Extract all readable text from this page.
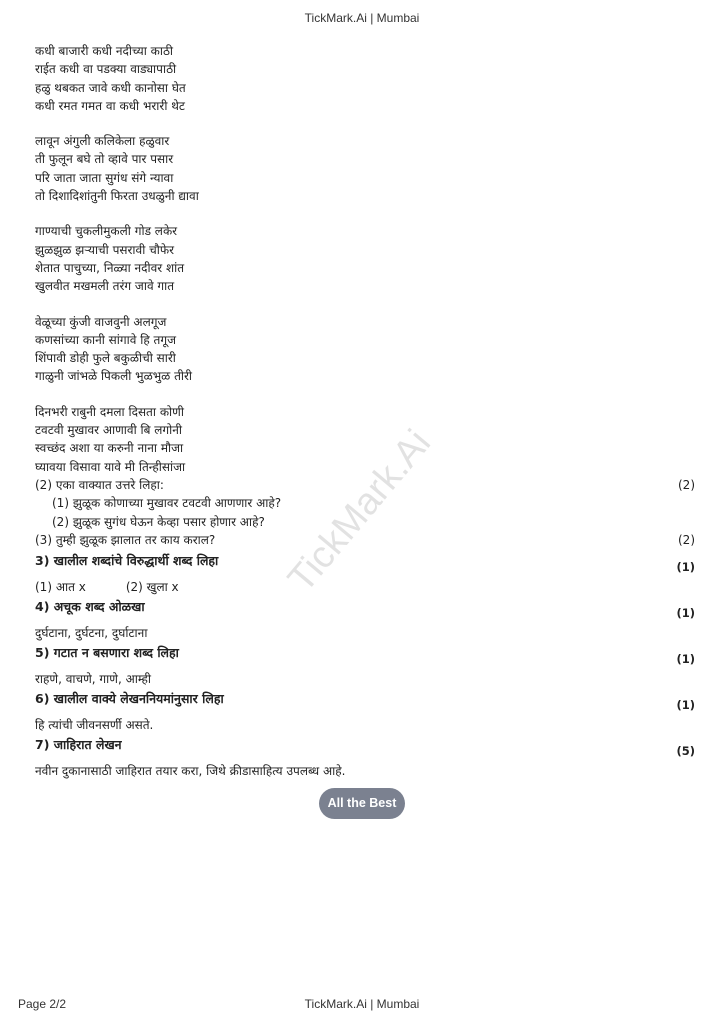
TickMark.Ai | Mumbai
TickMark.Ai
कधी बाजारी कधी नदीच्या काठी
राईत कधी वा पडक्या वाड्यापाठी
हळु थबकत जावे कधी कानोसा घेत
कधी रमत गमत वा कधी भरारी थेट
लावून अंगुली कलिकेला हळुवार
ती फुलून बघे तो व्हावे पार पसार
परि जाता जाता सुगंध संगे न्यावा
तो दिशादिशांतुनी फिरता उधळुनी द्यावा
गाण्याची चुकलीमुकली गोड लकेर
झुळझुळ झऱ्याची पसरावी चौफेर
शेतात पाचुच्या, निळ्या नदीवर शांत
खुलवीत मखमली तरंग जावे गात
वेळूच्या कुंजी वाजवुनी अलगूज
कणसांच्या कानी सांगावे हि तगूज
शिंपावी डोही फुले बकुळीची सारी
गाळुनी जांभळे पिकली भुळभुळ तीरी
दिनभरी राबुनी दमला दिसता कोणी
टवटवी मुखावर आणावी बि लगोनी
स्वच्छंद अशा या करुनी नाना मौजा
घ्यावया विसावा यावे मी तिन्हीसांजा
(2) एका वाक्यात उत्तरे लिहा:	(2)
(1) झुळूक कोणाच्या मुखावर टवटवी आणणार आहे?
(2) झुळूक सुगंध घेऊन केव्हा पसार होणार आहे?
(3) तुम्ही झुळूक झालात तर काय कराल?	(2)
3) खालील शब्दांचे विरुद्धार्थी शब्द लिहा	(1)
(1) आत x	(2) खुला x
4) अचूक शब्द ओळखा	(1)
दुर्घटाना, दुर्घटना, दुर्घाटाना
5) गटात न बसणारा शब्द लिहा	(1)
राहणे, वाचणे, गाणे, आम्ही
6) खालील वाक्ये लेखननियमांनुसार लिहा	(1)
हि त्यांची जीवनसर्णी असते.
7) जाहिरात लेखन	(5)
नवीन दुकानासाठी जाहिरात तयार करा, जिथे क्रीडासाहित्य उपलब्ध आहे.
All the Best
Page 2/2	TickMark.Ai | Mumbai
